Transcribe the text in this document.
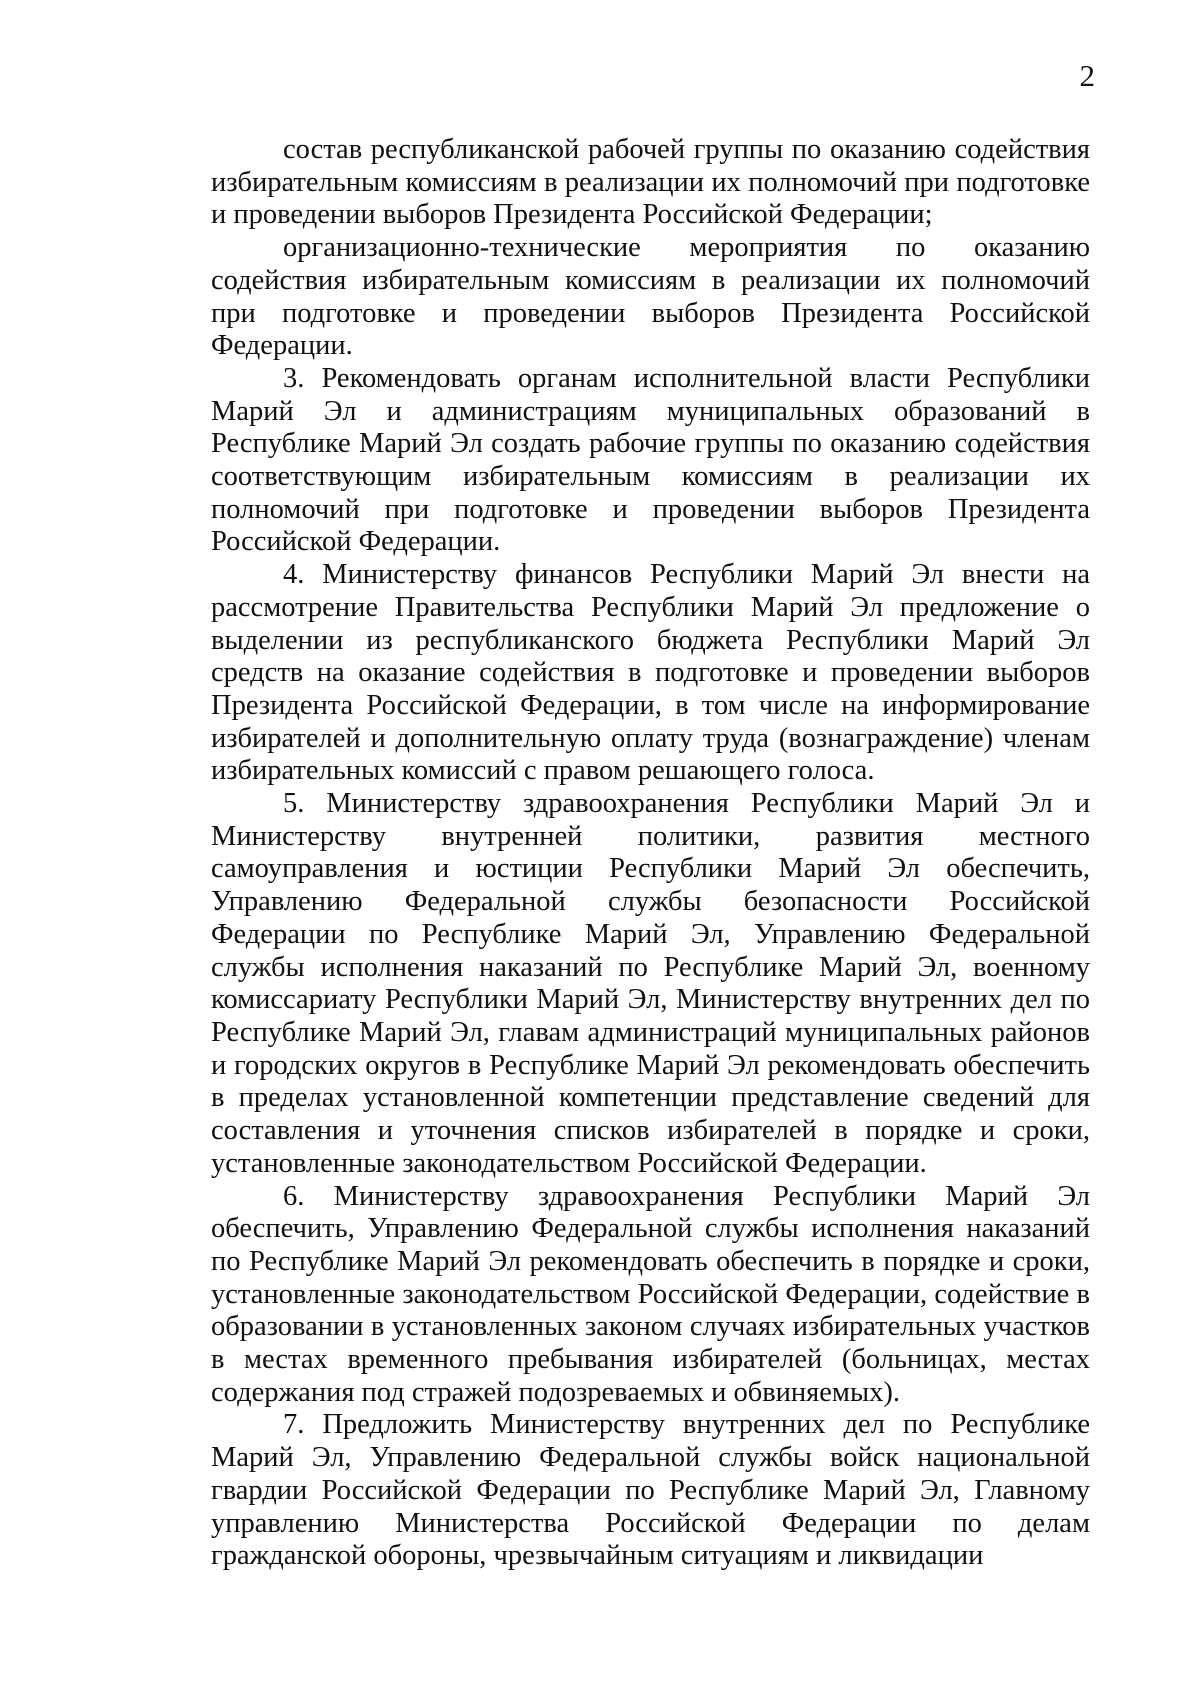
2

состав республиканской рабочей группы по оказанию содействия избирательным комиссиям в реализации их полномочий при подготовке и проведении выборов Президента Российской Федерации;

организационно-технические мероприятия по оказанию содействия избирательным комиссиям в реализации их полномочий при подготовке и проведении выборов Президента Российской Федерации.

3. Рекомендовать органам исполнительной власти Республики Марий Эл и администрациям муниципальных образований в Республике Марий Эл создать рабочие группы по оказанию содействия соответствующим избирательным комиссиям в реализации их полномочий при подготовке и проведении выборов Президента Российской Федерации.

4. Министерству финансов Республики Марий Эл внести на рассмотрение Правительства Республики Марий Эл предложение о выделении из республиканского бюджета Республики Марий Эл средств на оказание содействия в подготовке и проведении выборов Президента Российской Федерации, в том числе на информирование избирателей и дополнительную оплату труда (вознаграждение) членам избирательных комиссий с правом решающего голоса.

5. Министерству здравоохранения Республики Марий Эл и Министерству внутренней политики, развития местного самоуправления и юстиции Республики Марий Эл обеспечить, Управлению Федеральной службы безопасности Российской Федерации по Республике Марий Эл, Управлению Федеральной службы исполнения наказаний по Республике Марий Эл, военному комиссариату Республики Марий Эл, Министерству внутренних дел по Республике Марий Эл, главам администраций муниципальных районов и городских округов в Республике Марий Эл рекомендовать обеспечить в пределах установленной компетенции представление сведений для составления и уточнения списков избирателей в порядке и сроки, установленные законодательством Российской Федерации.

6. Министерству здравоохранения Республики Марий Эл обеспечить, Управлению Федеральной службы исполнения наказаний по Республике Марий Эл рекомендовать обеспечить в порядке и сроки, установленные законодательством Российской Федерации, содействие в образовании в установленных законом случаях избирательных участков в местах временного пребывания избирателей (больницах, местах содержания под стражей подозреваемых и обвиняемых).

7. Предложить Министерству внутренних дел по Республике Марий Эл, Управлению Федеральной службы войск национальной гвардии Российской Федерации по Республике Марий Эл, Главному управлению Министерства Российской Федерации по делам гражданской обороны, чрезвычайным ситуациям и ликвидации
